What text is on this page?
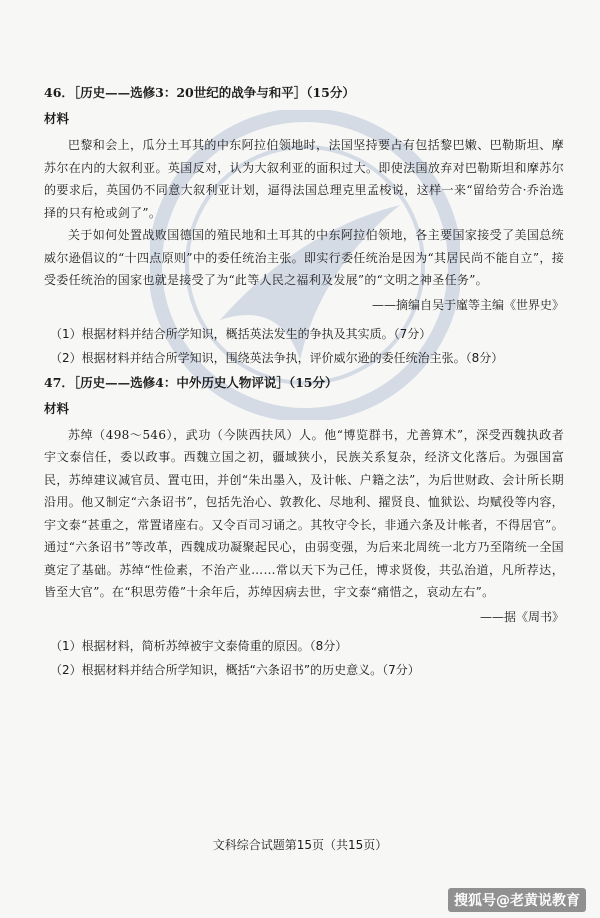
46．［历史——选修3：20世纪的战争与和平］（15分）
材料

巴黎和会上，瓜分土耳其的中东阿拉伯领地时，法国坚持要占有包括黎巴嫩、巴勒斯坦、摩苏尔在内的大叙利亚。英国反对，认为大叙利亚的面积过大。即使法国放弃对巴勒斯坦和摩苏尔的要求后，英国仍不同意大叙利亚计划，逼得法国总理克里孟梭说，这样一来“留给劳合·乔治选择的只有枪或剑了”。

关于如何处置战败国德国的殖民地和土耳其的中东阿拉伯领地，各主要国家接受了美国总统威尔逊倡议的“十四点原则”中的委任统治主张。即实行委任统治是因为“其居民尚不能自立”，接受委任统治的国家也就是接受了为“此等人民之福利及发展”的“文明之神圣任务”。

——摘编自吴于廑等主编《世界史》
（1）根据材料并结合所学知识，概括英法发生的争执及其实质。（7分）
（2）根据材料并结合所学知识，围绕英法争执，评价威尔逊的委任统治主张。（8分）
47．［历史——选修4：中外历史人物评说］（15分）
材料

苏绰（498～546），武功（今陕西扶风）人。他“博览群书，尤善算术”，深受西魏执政者宇文泰信任，委以政事。西魏立国之初，疆域狭小，民族关系复杂，经济文化落后。为强国富民，苏绰建议减官员、置屯田，并创“朱出墨入，及计帐、户籍之法”，为后世财政、会计所长期沿用。他又制定“六条诏书”，包括先治心、敦教化、尽地利、擢贤良、恤狱讼、均赋役等内容，宇文泰“甚重之，常置诸座右。又令百司习诵之。其牧守令长，非通六条及计帐者，不得居官”。通过“六条诏书”等改革，西魏成功凝聚起民心，由弱变强，为后来北周统一北方乃至隋统一全国奠定了基础。苏绰“性俭素，不治产业……常以天下为己任，博求贤俊，共弘治道，凡所荐达，皆至大官”。在“积思劳倦”十余年后，苏绰因病去世，宇文泰“痛惜之，哀动左右”。

——据《周书》
（1）根据材料，简析苏绰被宇文泰倚重的原因。（8分）
（2）根据材料并结合所学知识，概括“六条诏书”的历史意义。（7分）
文科综合试题第15页（共15页）
搜狐号@老黄说教育
